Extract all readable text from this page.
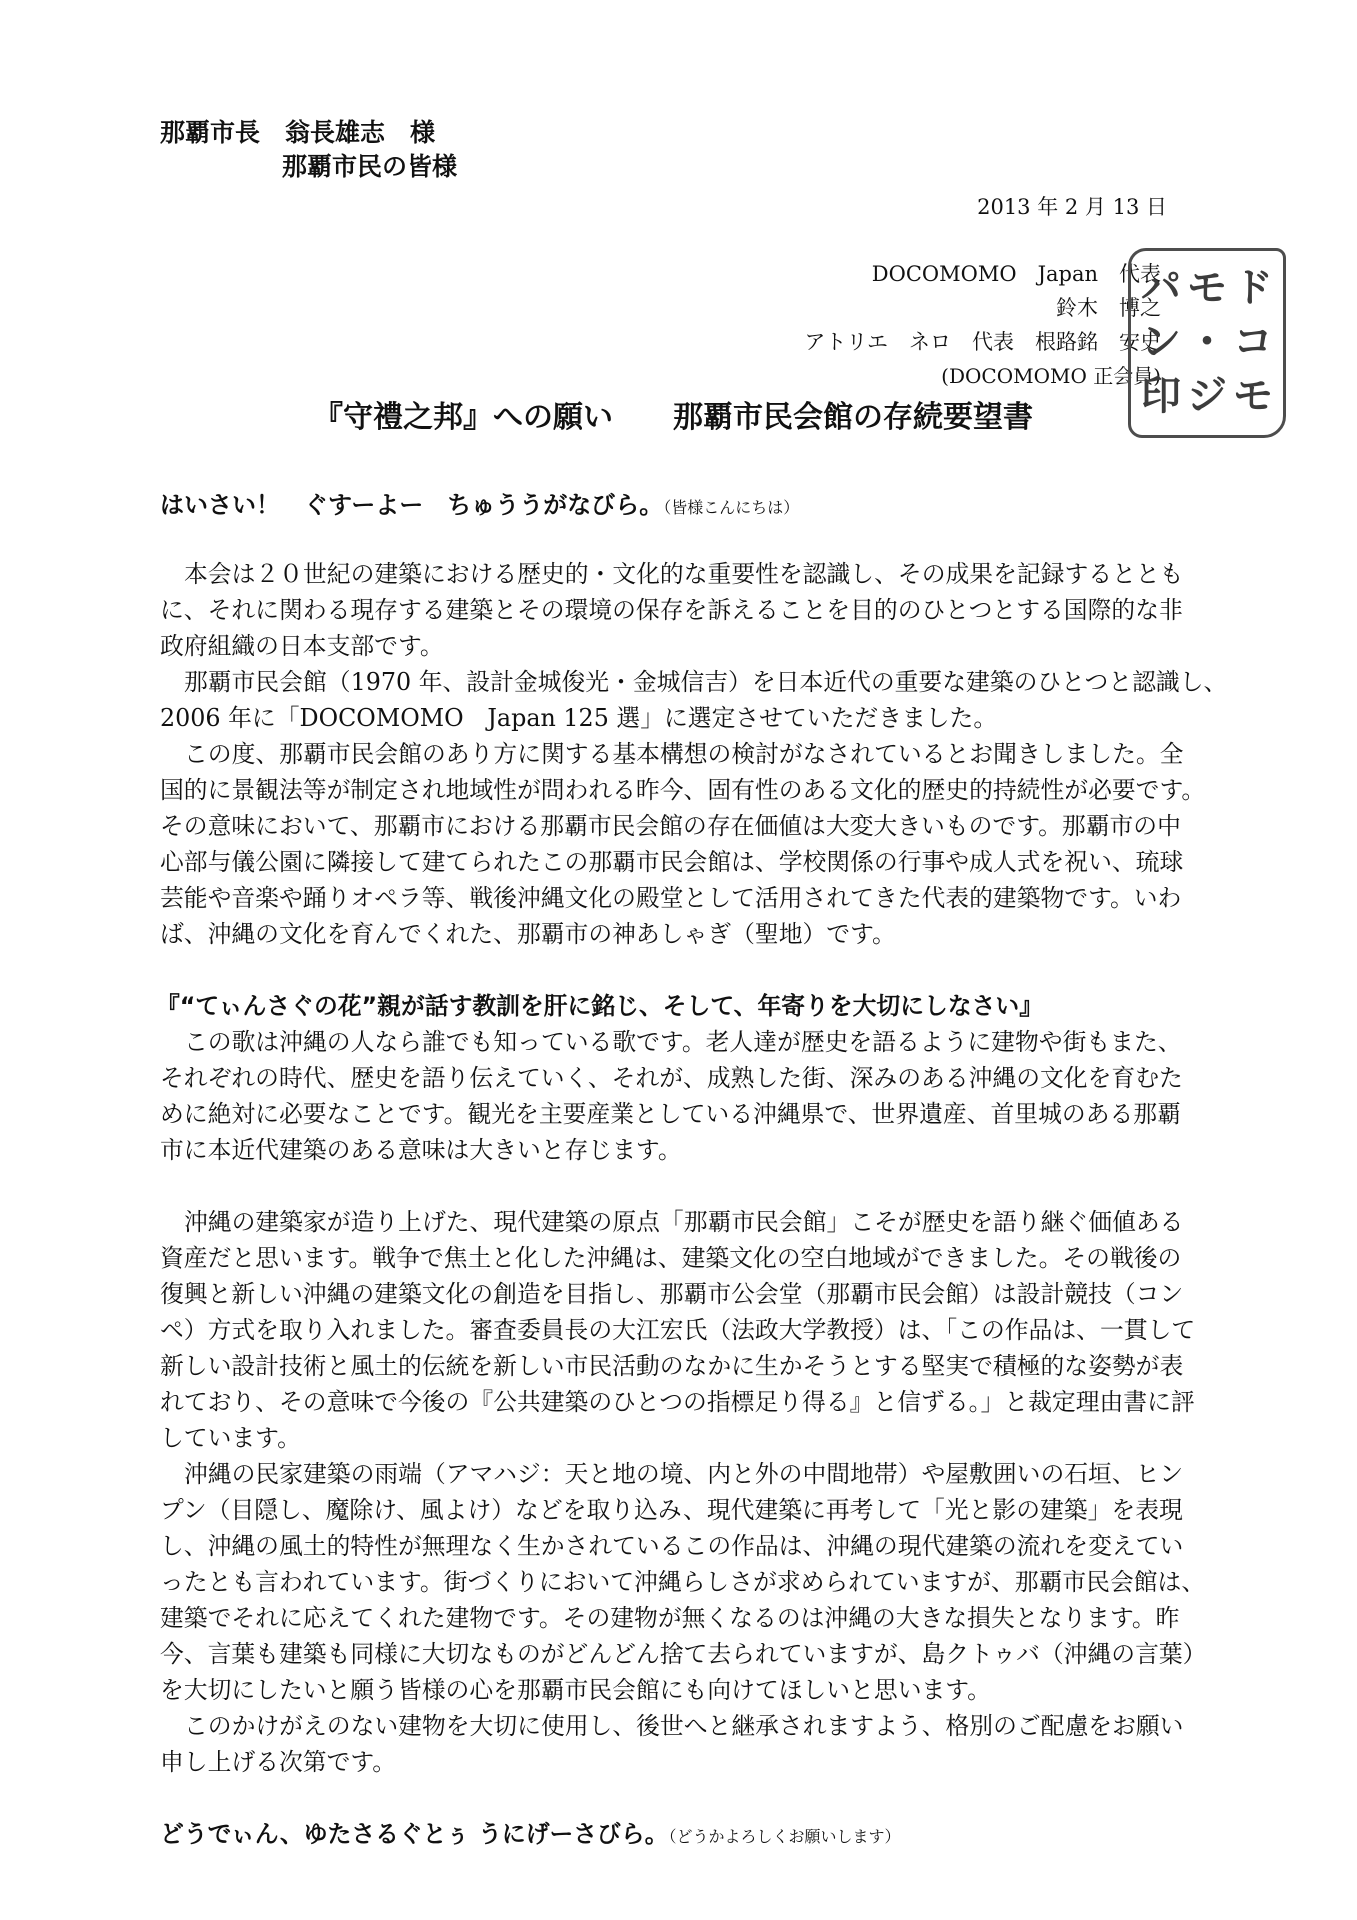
那覇市長　翁長雄志　様

那覇市民の皆様

2013 年 2 月 13 日

DOCOMOMO　Japan　代表

鈴木　博之

アトリエ　ネロ　代表　根路銘　安史

(DOCOMOMO 正会員)

ド
コ
モ
モ
・
ジ
パ
ン
印

『守禮之邦』への願い　　那覇市民会館の存続要望書

はいさい！　ぐすーよー　ちゅううがなびら。（皆様こんにちは）

本会は２０世紀の建築における歴史的・文化的な重要性を認識し、その成果を記録するととも

に、それに関わる現存する建築とその環境の保存を訴えることを目的のひとつとする国際的な非

政府組織の日本支部です。

那覇市民会館（1970 年、設計金城俊光・金城信吉）を日本近代の重要な建築のひとつと認識し、

2006 年に「DOCOMOMO　Japan 125 選」に選定させていただきました。

この度、那覇市民会館のあり方に関する基本構想の検討がなされているとお聞きしました。全

国的に景観法等が制定され地域性が問われる昨今、固有性のある文化的歴史的持続性が必要です。

その意味において、那覇市における那覇市民会館の存在価値は大変大きいものです。那覇市の中

心部与儀公園に隣接して建てられたこの那覇市民会館は、学校関係の行事や成人式を祝い、琉球

芸能や音楽や踊りオペラ等、戦後沖縄文化の殿堂として活用されてきた代表的建築物です。いわ

ば、沖縄の文化を育んでくれた、那覇市の神あしゃぎ（聖地）です。

『“てぃんさぐの花”親が話す教訓を肝に銘じ、そして、年寄りを大切にしなさい』

この歌は沖縄の人なら誰でも知っている歌です。老人達が歴史を語るように建物や街もまた、

それぞれの時代、歴史を語り伝えていく、それが、成熟した街、深みのある沖縄の文化を育むた

めに絶対に必要なことです。観光を主要産業としている沖縄県で、世界遺産、首里城のある那覇

市に本近代建築のある意味は大きいと存じます。

沖縄の建築家が造り上げた、現代建築の原点「那覇市民会館」こそが歴史を語り継ぐ価値ある

資産だと思います。戦争で焦土と化した沖縄は、建築文化の空白地域ができました。その戦後の

復興と新しい沖縄の建築文化の創造を目指し、那覇市公会堂（那覇市民会館）は設計競技（コン

ペ）方式を取り入れました。審査委員長の大江宏氏（法政大学教授）は、「この作品は、一貫して

新しい設計技術と風土的伝統を新しい市民活動のなかに生かそうとする堅実で積極的な姿勢が表

れており、その意味で今後の『公共建築のひとつの指標足り得る』と信ずる。」と裁定理由書に評

しています。

沖縄の民家建築の雨端（アマハジ：天と地の境、内と外の中間地帯）や屋敷囲いの石垣、ヒン

プン（目隠し、魔除け、風よけ）などを取り込み、現代建築に再考して「光と影の建築」を表現

し、沖縄の風土的特性が無理なく生かされているこの作品は、沖縄の現代建築の流れを変えてい

ったとも言われています。街づくりにおいて沖縄らしさが求められていますが、那覇市民会館は、

建築でそれに応えてくれた建物です。その建物が無くなるのは沖縄の大きな損失となります。昨

今、言葉も建築も同様に大切なものがどんどん捨て去られていますが、島クトゥバ（沖縄の言葉）

を大切にしたいと願う皆様の心を那覇市民会館にも向けてほしいと思います。

このかけがえのない建物を大切に使用し、後世へと継承されますよう、格別のご配慮をお願い

申し上げる次第です。

どうでぃん、ゆたさるぐとぅ うにげーさびら。（どうかよろしくお願いします）
